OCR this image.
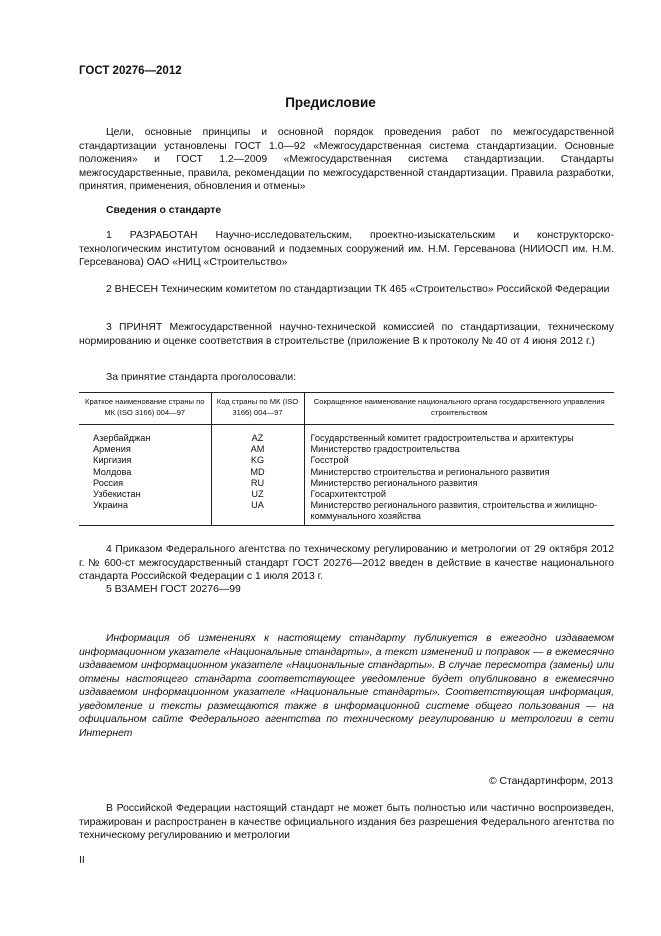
ГОСТ 20276—2012
Предисловие
Цели, основные принципы и основной порядок проведения работ по межгосударственной стандартизации установлены ГОСТ 1.0—92 «Межгосударственная система стандартизации. Основные положения» и ГОСТ 1.2—2009 «Межгосударственная система стандартизации. Стандарты межгосударственные, правила, рекомендации по межгосударственной стандартизации. Правила разработки, принятия, применения, обновления и отмены»
Сведения о стандарте
1 РАЗРАБОТАН Научно-исследовательским, проектно-изыскательским и конструкторско-технологическим институтом оснований и подземных сооружений им. Н.М. Герсеванова (НИИОСП им. Н.М. Герсеванова) ОАО «НИЦ «Строительство»
2 ВНЕСЕН Техническим комитетом по стандартизации ТК 465 «Строительство» Российской Федерации
3 ПРИНЯТ Межгосударственной научно-технической комиссией по стандартизации, техническому нормированию и оценке соответствия в строительстве (приложение В к протоколу № 40 от 4 июня 2012 г.)
За принятие стандарта проголосовали:
Краткое наименование страны по МК (ISO 3166) 004—97	Код страны по МК (ISO 3166) 004—97	Сокращенное наименование национального органа государственного управления строительством
Азербайджан	AZ	Государственный комитет градостроительства и архитектуры
Армения	AM	Министерство градостроительства
Киргизия	KG	Госстрой
Молдова	MD	Министерство строительства и регионального развития
Россия	RU	Министерство регионального развития
Узбекистан	UZ	Госархитектстрой
Украина	UA	Министерство регионального развития, строительства и жилищно-коммунального хозяйства
4 Приказом Федерального агентства по техническому регулированию и метрологии от 29 октября 2012 г. № 600-ст межгосударственный стандарт ГОСТ 20276—2012 введен в действие в качестве национального стандарта Российской Федерации с 1 июля 2013 г.
5 ВЗАМЕН ГОСТ 20276—99
Информация об изменениях к настоящему стандарту публикуется в ежегодно издаваемом информационном указателе «Национальные стандарты», а текст изменений и поправок — в ежемесячно издаваемом информационном указателе «Национальные стандарты». В случае пересмотра (замены) или отмены настоящего стандарта соответствующее уведомление будет опубликовано в ежемесячно издаваемом информационном указателе «Национальные стандарты». Соответствующая информация, уведомление и тексты размещаются также в информационной системе общего пользования — на официальном сайте Федерального агентства по техническому регулированию и метрологии в сети Интернет
© Стандартинформ, 2013
В Российской Федерации настоящий стандарт не может быть полностью или частично воспроизведен, тиражирован и распространен в качестве официального издания без разрешения Федерального агентства по техническому регулированию и метрологии
II
